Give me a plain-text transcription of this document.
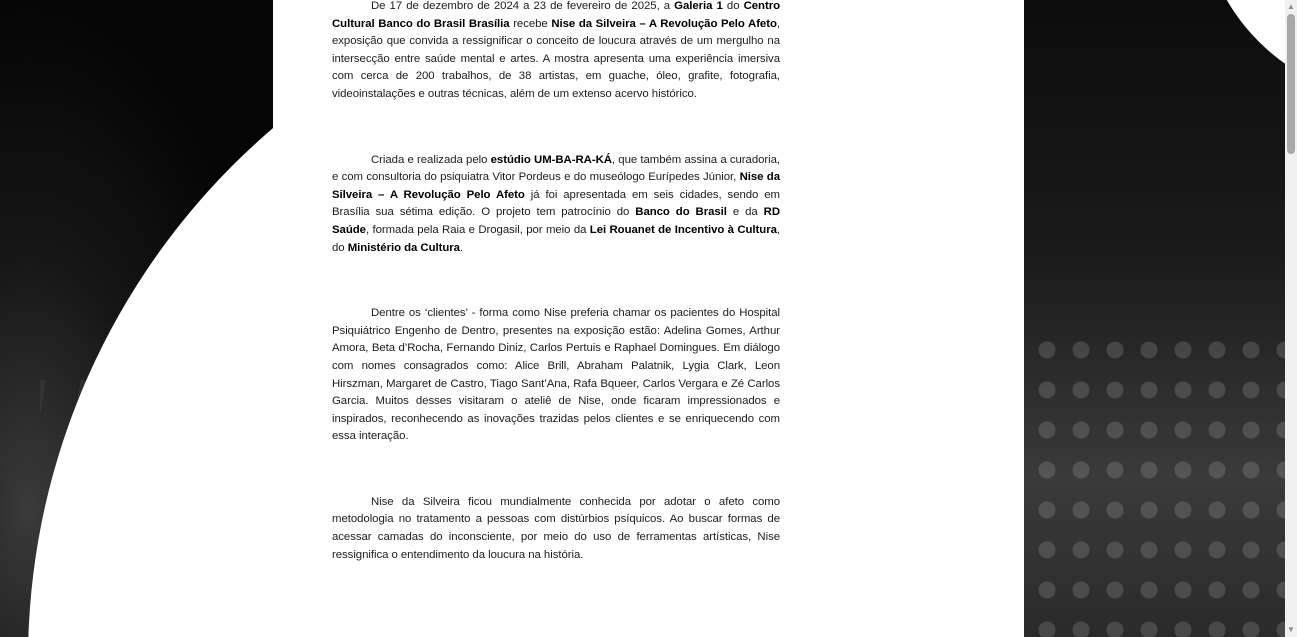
De 17 de dezembro de 2024 a 23 de fevereiro de 2025, a Galeria 1 do Centro Cultural Banco do Brasil Brasília recebe Nise da Silveira – A Revolução Pelo Afeto, exposição que convida a ressignificar o conceito de loucura através de um mergulho na intersecção entre saúde mental e artes. A mostra apresenta uma experiência imersiva com cerca de 200 trabalhos, de 38 artistas, em guache, óleo, grafite, fotografia, videoinstalações e outras técnicas, além de um extenso acervo histórico.

Criada e realizada pelo estúdio UM-BA-RA-KÁ, que também assina a curadoria, e com consultoria do psiquiatra Vitor Pordeus e do museólogo Eurípedes Júnior, Nise da Silveira – A Revolução Pelo Afeto já foi apresentada em seis cidades, sendo em Brasília sua sétima edição. O projeto tem patrocínio do Banco do Brasil e da RD Saúde, formada pela Raia e Drogasil, por meio da Lei Rouanet de Incentivo à Cultura, do Ministério da Cultura.

Dentre os ‘clientes’ - forma como Nise preferia chamar os pacientes do Hospital Psiquiátrico Engenho de Dentro, presentes na exposição estão: Adelina Gomes, Arthur Amora, Beta d’Rocha, Fernando Diniz, Carlos Pertuis e Raphael Domingues. Em diálogo com nomes consagrados como: Alice Brill, Abraham Palatnik, Lygia Clark, Leon Hirszman, Margaret de Castro, Tiago Sant’Ana, Rafa Bqueer, Carlos Vergara e Zé Carlos Garcia. Muitos desses visitaram o ateliê de Nise, onde ficaram impressionados e inspirados, reconhecendo as inovações trazidas pelos clientes e se enriquecendo com essa interação.

Nise da Silveira ficou mundialmente conhecida por adotar o afeto como metodologia no tratamento a pessoas com distúrbios psíquicos. Ao buscar formas de acessar camadas do inconsciente, por meio do uso de ferramentas artísticas, Nise ressignifica o entendimento da loucura na história.

▲
▼
